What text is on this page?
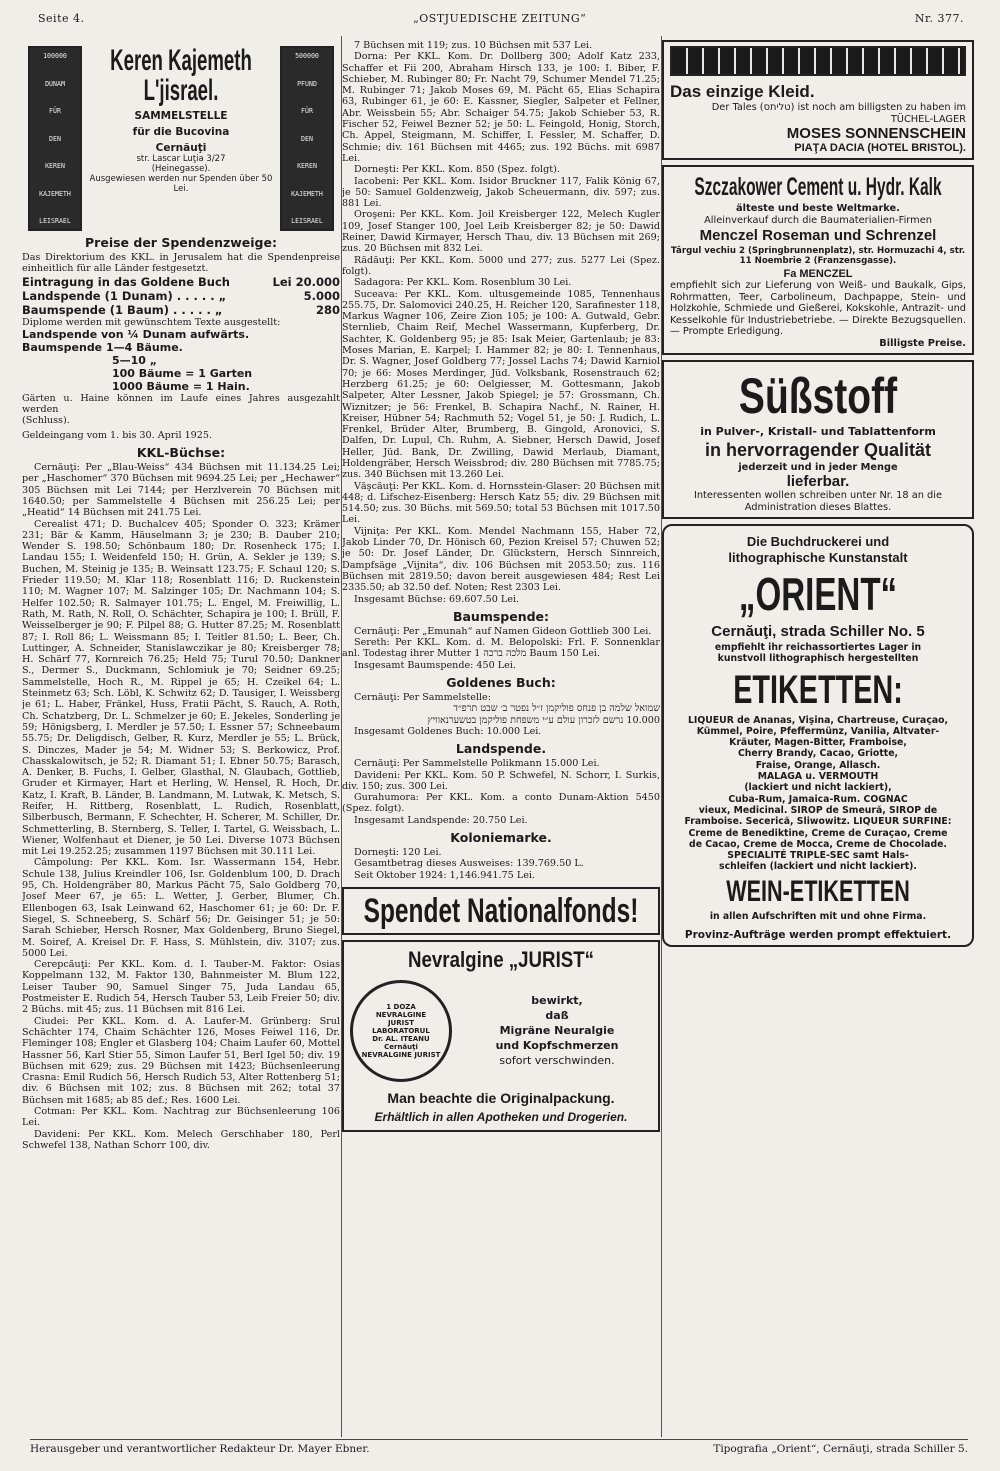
Seite 4.	„OSTJUEDISCHE ZEITUNG“	Nr. 377.
100000
DUNAM
FÜR
DEN
KEREN
KAJEMETH
LEISRAEL
Keren Kajemeth
L'jisrael.
SAMMELSTELLE
für die Bucovina
Cernăuţi
str. Lascar Luţia 3/27
(Heinegasse).
Ausgewiesen werden nur Spenden über 50 Lei.
500000
PFUND
FÜR
DEN
KEREN
KAJEMETH
LEISRAEL
Preise der Spendenzweige:

Das Direktorium des KKL. in Jerusalem hat die Spendenpreise einheitlich für alle Länder festgesetzt.

Eintragung in das Goldene Buch	Lei 20.000
Landspende (1 Dunam) . . . . . „	5.000
Baumspende (1 Baum) . . . . . „	280

Diplome werden mit gewünschtem Texte ausgestellt:

Landspende von ¼ Dunam aufwärts.
Baumspende 1—4 Bäume.
5—10 „
100 Bäume = 1 Garten
1000 Bäume = 1 Hain.

Gärten u. Haine können im Laufe eines Jahres ausgezahlt werden

(Schluss).

Geldeingang vom 1. bis 30. April 1925.

KKL-Büchse:

Cernăuţi: Per „Blau-Weiss“ 434 Büchsen mit 11.134.25 Lei; per „Haschomer“ 370 Büchsen mit 9694.25 Lei; per „Hechawer“ 305 Büchsen mit Lei 7144; per Herzlverein 70 Büchsen mit 1640.50; per Sammelstelle 4 Büchsen mit 256.25 Lei; per „Heatid“ 14 Büchsen mit 241.75 Lei.

Cerealist 471; D. Buchalcev 405; Sponder O. 323; Krämer 231; Bär & Kamm, Häuselmann 3; je 230; B. Dauber 210; Wender S. 198.50; Schönbaum 180; Dr. Rosenheck 175; I. Landau 155; I. Weidenfeld 150; H. Grün, A. Sekler je 139; S. Buchen, M. Steinig je 135; B. Weinsatt 123.75; F. Schaul 120; S. Frieder 119.50; M. Klar 118; Rosenblatt 116; D. Ruckenstein 110; M. Wagner 107; M. Salzinger 105; Dr. Nachmann 104; S. Helfer 102.50; R. Salmayer 101.75; L. Engel, M. Freiwillig, L. Rath, M. Rath, N. Roll, O. Schächter, Schapira je 100; I. Brüll, F. Weisselberger je 90; F. Pilpel 88; G. Hutter 87.25; M. Rosenblatt 87; I. Roll 86; L. Weissmann 85; I. Teitler 81.50; L. Beer, Ch. Luttinger, A. Schneider, Stanislawczikar je 80; Kreisberger 78; H. Schärf 77, Kornreich 76.25; Held 75; Turul 70.50; Dankner S., Dermer S., Duckmann, Schlomiuk je 70; Seidner 69.25; Sammelstelle, Hoch R., M. Rippel je 65; H. Czeikel 64; L. Steinmetz 63; Sch. Löbl, K. Schwitz 62; D. Tausiger, I. Weissberg je 61; L. Haber, Fränkel, Huss, Fratii Pächt, S. Rauch, A. Roth, Ch. Schatzberg, Dr. L. Schmelzer je 60; E. Jekeles, Sonderling je 59; Hönigsberg, I. Merdler je 57.50; I. Essner 57; Schneebaum 55.75; Dr. Deligdisch, Gelber, R. Kurz, Merdler je 55; L. Brück, S. Dinczes, Mader je 54; M. Widner 53; S. Berkowicz, Prof. Chasskalowitsch, je 52; R. Diamant 51; I. Ebner 50.75; Barasch, A. Denker, B. Fuchs, I. Gelber, Glasthal, N. Glaubach, Gottlieb, Gruder et Kirmayer, Hart et Herling, W. Hensel, R. Hoch, Dr. Katz, I. Kraft, B. Länder, B. Landmann, M. Lutwak, K. Metsch, S. Reifer, H. Rittberg, Rosenblatt, L. Rudich, Rosenblatt, Silberbusch, Bermann, F. Schechter, H. Scherer, M. Schiller, Dr. Schmetterling, B. Sternberg, S. Teller, I. Tartel, G. Weissbach, L. Wiener, Wolfenhaut et Diener, je 50 Lei. Diverse 1073 Büchsen mit Lei 19.252.25; zusammen 1197 Büchsen mit 30.111 Lei.

Câmpolung: Per KKL. Kom. Isr. Wassermann 154, Hebr. Schule 138, Julius Kreindler 106, Isr. Goldenblum 100, D. Drach 95, Ch. Holdengräber 80, Markus Pächt 75, Salo Goldberg 70, Josef Meer 67, je 65: L. Wetter, J. Gerber, Blumer, Ch. Ellenbogen 63, Isak Leinwand 62, Haschomer 61; je 60: Dr. F. Siegel, S. Schneeberg, S. Schärf 56; Dr. Geisinger 51; je 50: Sarah Schieber, Hersch Rosner, Max Goldenberg, Bruno Siegel, M. Soiref, A. Kreisel Dr. F. Hass, S. Mühlstein, div. 3107; zus. 5000 Lei.

Cerepcăuţi: Per KKL. Kom. d. I. Tauber-M. Faktor: Osias Koppelmann 132, M. Faktor 130, Bahnmeister M. Blum 122, Leiser Tauber 90, Samuel Singer 75, Juda Landau 65, Postmeister E. Rudich 54, Hersch Tauber 53, Leib Freier 50; div. 2 Büchs. mit 45; zus. 11 Büchsen mit 816 Lei.

Ciudei: Per KKL. Kom. d. A. Laufer-M. Grünberg: Srul Schächter 174, Chaim Schächter 126, Moses Feiwel 116, Dr. Fleminger 108; Engler et Glasberg 104; Chaim Laufer 60, Mottel Hassner 56, Karl Stier 55, Simon Laufer 51, Berl Igel 50; div. 19 Büchsen mit 629; zus. 29 Büchsen mit 1423; Büchsenleerung Crasna: Emil Rudich 56, Hersch Rudich 53, Alter Rottenberg 51; div. 6 Büchsen mit 102; zus. 8 Büchsen mit 262; total 37 Büchsen mit 1685; ab 85 def.; Res. 1600 Lei.

Cotman: Per KKL. Kom. Nachtrag zur Büchsenleerung 106 Lei.

Davideni: Per KKL. Kom. Melech Gerschhaber 180, Perl Schwefel 138, Nathan Schorr 100, div.

7 Büchsen mit 119; zus. 10 Büchsen mit 537 Lei.

Dorna: Per KKL. Kom. Dr. Dollberg 300; Adolf Katz 233, Schaffer et Fii 200, Abraham Hirsch 133, je 100: I. Biber, F. Schieber, M. Rubinger 80; Fr. Nacht 79, Schumer Mendel 71.25; M. Rubinger 71; Jakob Moses 69, M. Pächt 65, Elias Schapira 63, Rubinger 61, je 60: E. Kassner, Siegler, Salpeter et Fellner, Abr. Weissbein 55; Abr. Schaiger 54.75; Jakob Schieber 53, R. Fischer 52, Feiwel Bezner 52; je 50: L. Feingold, Honig, Storch, Ch. Appel, Steigmann, M. Schiffer, I. Fessler, M. Schaffer, D. Schmie; div. 161 Büchsen mit 4465; zus. 192 Büchs. mit 6987 Lei.

Dorneşti: Per KKL. Kom. 850 (Spez. folgt).

Iacobeni: Per KKL. Kom. Isidor Bruckner 117, Falik König 67, je 50: Samuel Goldenzweig, Jakob Scheuermann, div. 597; zus. 881 Lei.

Oroşeni: Per KKL. Kom. Joil Kreisberger 122, Melech Kugler 109, Josef Stanger 100, Joel Leib Kreisberger 82; je 50: Dawid Reiner, Dawid Kirmayer, Hersch Thau, div. 13 Büchsen mit 269; zus. 20 Büchsen mit 832 Lei.

Rădăuţi: Per KKL. Kom. 5000 und 277; zus. 5277 Lei (Spez. folgt).

Sadagora: Per KKL. Kom. Rosenblum 30 Lei.

Suceava: Per KKL. Kom. ultusgemeinde 1085, Tennenhaus 255.75, Dr. Salomovici 240.25, H. Reicher 120, Sarafinester 118, Markus Wagner 106, Zeire Zion 105; je 100: A. Gutwald, Gebr. Sternlieb, Chaim Reif, Mechel Wassermann, Kupferberg, Dr. Sachter, K. Goldenberg 95; je 85: Isak Meier, Gartenlaub; je 83: Moses Marian, E. Karpel; I. Hammer 82; je 80: I. Tennenhaus, Dr. S. Wagner, Josef Goldberg 77; Jossel Lachs 74; Dawid Karniol 70; je 66: Moses Merdinger, Jüd. Volksbank, Rosenstrauch 62; Herzberg 61.25; je 60: Oelgiesser, M. Gottesmann, Jakob Salpeter, Alter Lessner, Jakob Spiegel; je 57: Grossmann, Ch. Wiznitzer; je 56: Frenkel, B. Schapira Nachf., N. Rainer, H. Kreiser, Hübner 54; Rachmuth 52; Vogel 51, je 50: J. Rudich, L. Frenkel, Brüder Alter, Brumberg, B. Gingold, Aronovici, S. Dalfen, Dr. Lupul, Ch. Ruhm, A. Siebner, Hersch Dawid, Josef Heller, Jüd. Bank, Dr. Zwilling, Dawid Merlaub, Diamant, Holdengräber, Hersch Weissbrod; div. 280 Büchsen mit 7785.75; zus. 340 Büchsen mit 13.260 Lei.

Văşcăuţi: Per KKL. Kom. d. Hornsstein-Glaser: 20 Büchsen mit 448; d. Lifschez-Eisenberg: Hersch Katz 55; div. 29 Büchsen mit 514.50; zus. 30 Büchs. mit 569.50; total 53 Büchsen mit 1017.50 Lei.

Vijniţa: Per KKL. Kom. Mendel Nachmann 155, Haber 72, Jakob Linder 70, Dr. Hönisch 60, Pezion Kreisel 57; Chuwen 52; je 50: Dr. Josef Länder, Dr. Glückstern, Hersch Sinnreich, Dampfsäge „Vijnita“, div. 106 Büchsen mit 2053.50; zus. 116 Büchsen mit 2819.50; davon bereit ausgewiesen 484; Rest Lei 2335.50; ab 32.50 def. Noten; Rest 2303 Lei.

Insgesamt Büchse: 69.607.50 Lei.

Baumspende:

Cernăuţi: Per „Emunah“ auf Namen Gideon Gottlieb 300 Lei.

Sereth: Per KKL. Kom. d. M. Belopolski: Frl. F. Sonnenklar anl. Todestag ihrer Mutter מלכה ברכה 1 Baum 150 Lei.

Insgesamt Baumspende: 450 Lei.

Goldenes Buch:

Cernăuţi: Per Sammelstelle:

שמואל שלמה בן פנחס פוליקמן ז״ל נפטר ב׳ שבט תרפ״ד

10.000 נרשם לזכרון עולם ע״י משפחת פוליקמן בטשערנאוויץ

Insgesamt Goldenes Buch: 10.000 Lei.

Landspende.

Cernăuţi: Per Sammelstelle Polikmann 15.000 Lei.

Davideni: Per KKL. Kom. 50 P. Schwefel, N. Schorr, I. Surkis, div. 150; zus. 300 Lei.

Gurahumora: Per KKL. Kom. a conto Dunam-Aktion 5450 (Spez. folgt).

Insgesamt Landspende: 20.750 Lei.

Koloniemarke.

Dorneşti: 120 Lei.

Gesamtbetrag dieses Ausweises: 139.769.50 L.

Seit Oktober 1924: 1,146.941.75 Lei.

Spendet Nationalfonds!
Nevralgine „JURIST“
1 DOZA
NEVRALGINE
JURIST
LABORATORUL
Dr. AL. ITEANU
Cernăuţi
NEVRALGINE JURIST
bewirkt,
daß
Migräne Neuralgie
und Kopfschmerzen
sofort verschwinden.
Man beachte die Originalpackung.
Erhältlich in allen Apotheken und Drogerien.
Das einzige Kleid.
Der Tales (טליתס) ist noch am billigsten zu haben im TÜCHEL-LAGER
MOSES SONNENSCHEIN
PIAŢA DACIA (HOTEL BRISTOL).
Szczakower Cement u. Hydr. Kalk
älteste und beste Weltmarke.
Alleinverkauf durch die Baumaterialien-Firmen
Menczel Roseman und Schrenzel
Târgul vechiu 2 (Springbrunnenplatz), str. Hormuzachi 4, str. 11 Noembrie 2 (Franzensgasse).
Fa MENCZEL
empfiehlt sich zur Lieferung von Weiß- und Baukalk, Gips, Rohrmatten, Teer, Carbolineum, Dachpappe, Stein- und Holzkohle, Schmiede und Gießerei, Kokskohle, Antrazit- und Kesselkohle für Industriebetriebe. — Direkte Bezugsquellen. — Prompte Erledigung.
Billigste Preise.
Süßstoff
in Pulver-, Kristall- und Tablattenform
in hervorragender Qualität
jederzeit und in jeder Menge
lieferbar.
Interessenten wollen schreiben unter Nr. 18 an die Administration dieses Blattes.
Die Buchdruckerei und
lithographische Kunstanstalt
„ORIENT“
Cernăuţi, strada Schiller No. 5
empfiehlt ihr reichassortiertes Lager in
kunstvoll lithographisch hergestellten
ETIKETTEN:
LIQUEUR de Ananas, Vişina, Chartreuse, Curaçao,
Kümmel, Poire, Pfeffermünz, Vanilia, Altvater-
Kräuter, Magen-Bitter, Framboise,
Cherry Brandy, Cacao, Griotte,
Fraise, Orange, Allasch.
MALAGA u. VERMOUTH
(lackiert und nicht lackiert),
Cuba-Rum, Jamaica-Rum. COGNAC
vieux, Medicinal. SIROP de Smeură, SIROP de
Framboise. Secerică, Sliwowitz. LIQUEUR SURFINE:
Creme de Benediktine, Creme de Curaçao, Creme
de Cacao, Creme de Mocca, Creme de Chocolade.
SPECIALITÉ TRIPLE-SEC samt Hals-
schleifen (lackiert und nicht lackiert).
WEIN-ETIKETTEN
in allen Aufschriften mit und ohne Firma.
Provinz-Aufträge werden prompt effektuiert.
Herausgeber und verantwortlicher Redakteur Dr. Mayer Ebner.	Tipografia „Orient“, Cernăuţi, strada Schiller 5.
